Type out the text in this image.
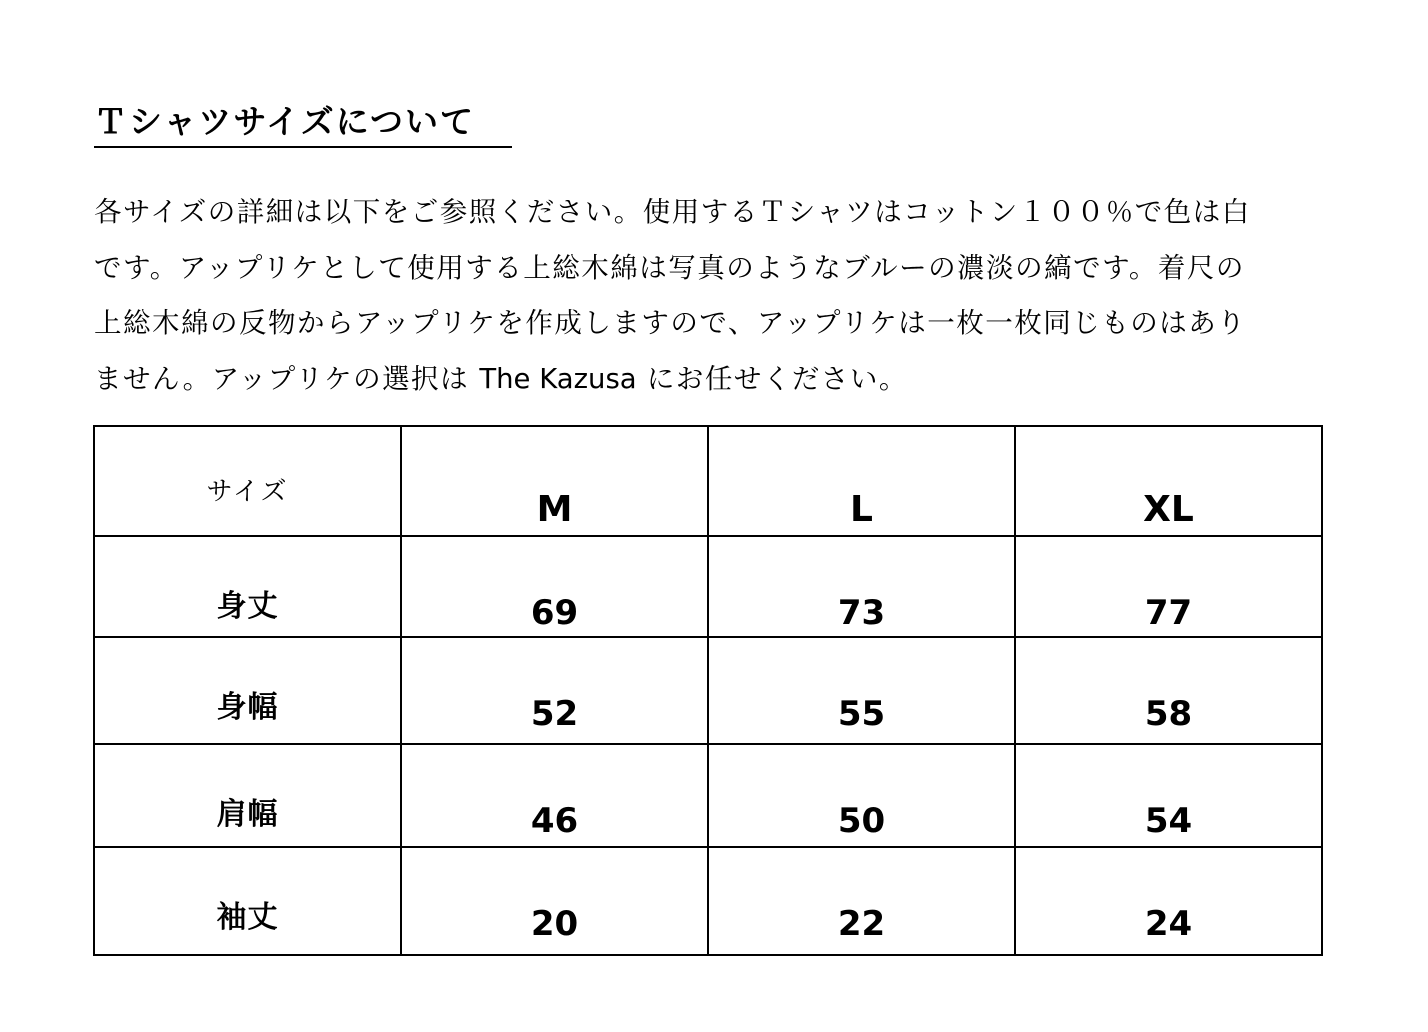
Ｔシャツサイズについて

各サイズの詳細は以下をご参照ください。使用するＴシャツはコットン１００％で色は白
です。アップリケとして使用する上総木綿は写真のようなブルーの濃淡の縞です。着尺の
上総木綿の反物からアップリケを作成しますので、アップリケは一枚一枚同じものはあり
ません。アップリケの選択は The Kazusa にお任せください。

サイズ	M	L	XL

身丈	69	73	77

身幅	52	55	58

肩幅	46	50	54

袖丈	20	22	24
